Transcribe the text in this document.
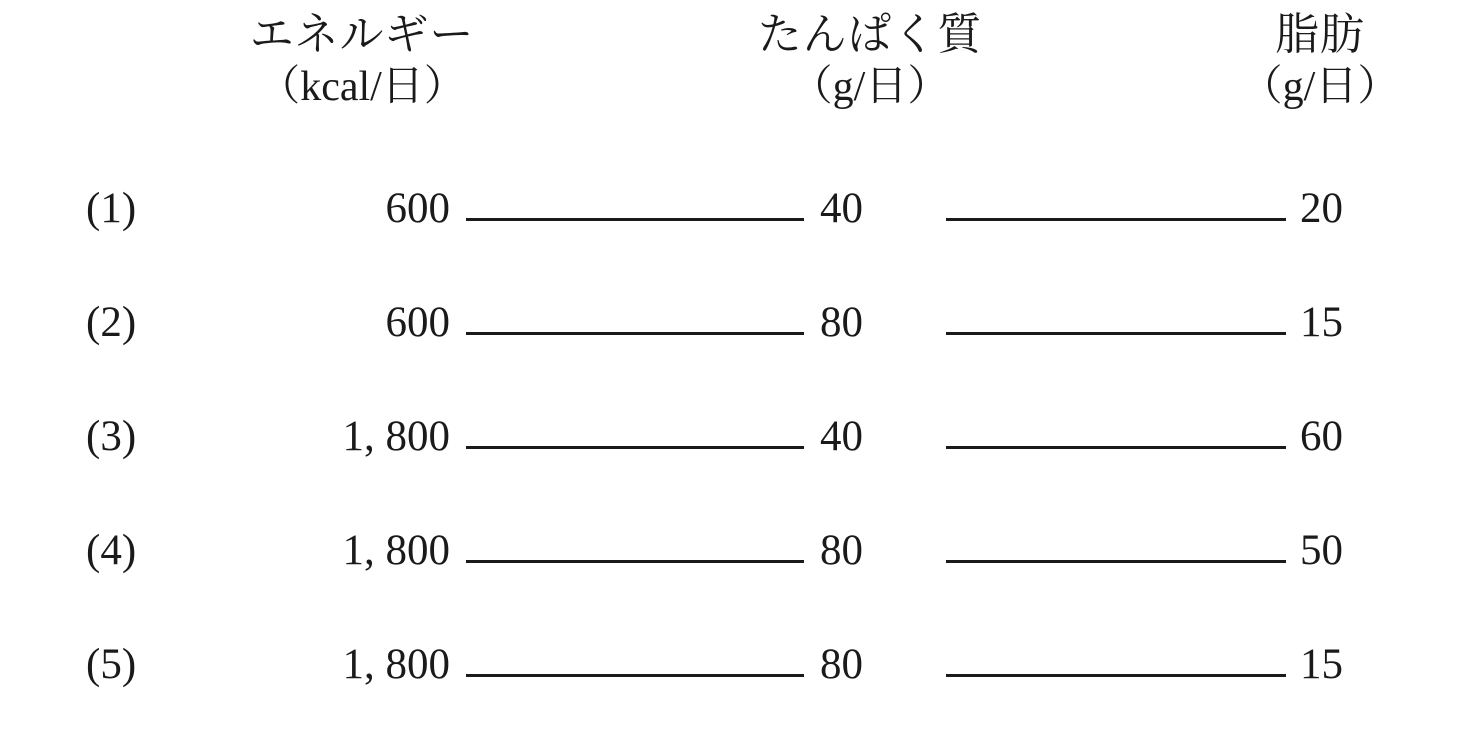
エネルギー
（kcal/日）
たんぱく質
（g/日）
脂肪
（g/日）
(1)	600	40	20
(2)	600	80	15
(3)	1, 800	40	60
(4)	1, 800	80	50
(5)	1, 800	80	15
